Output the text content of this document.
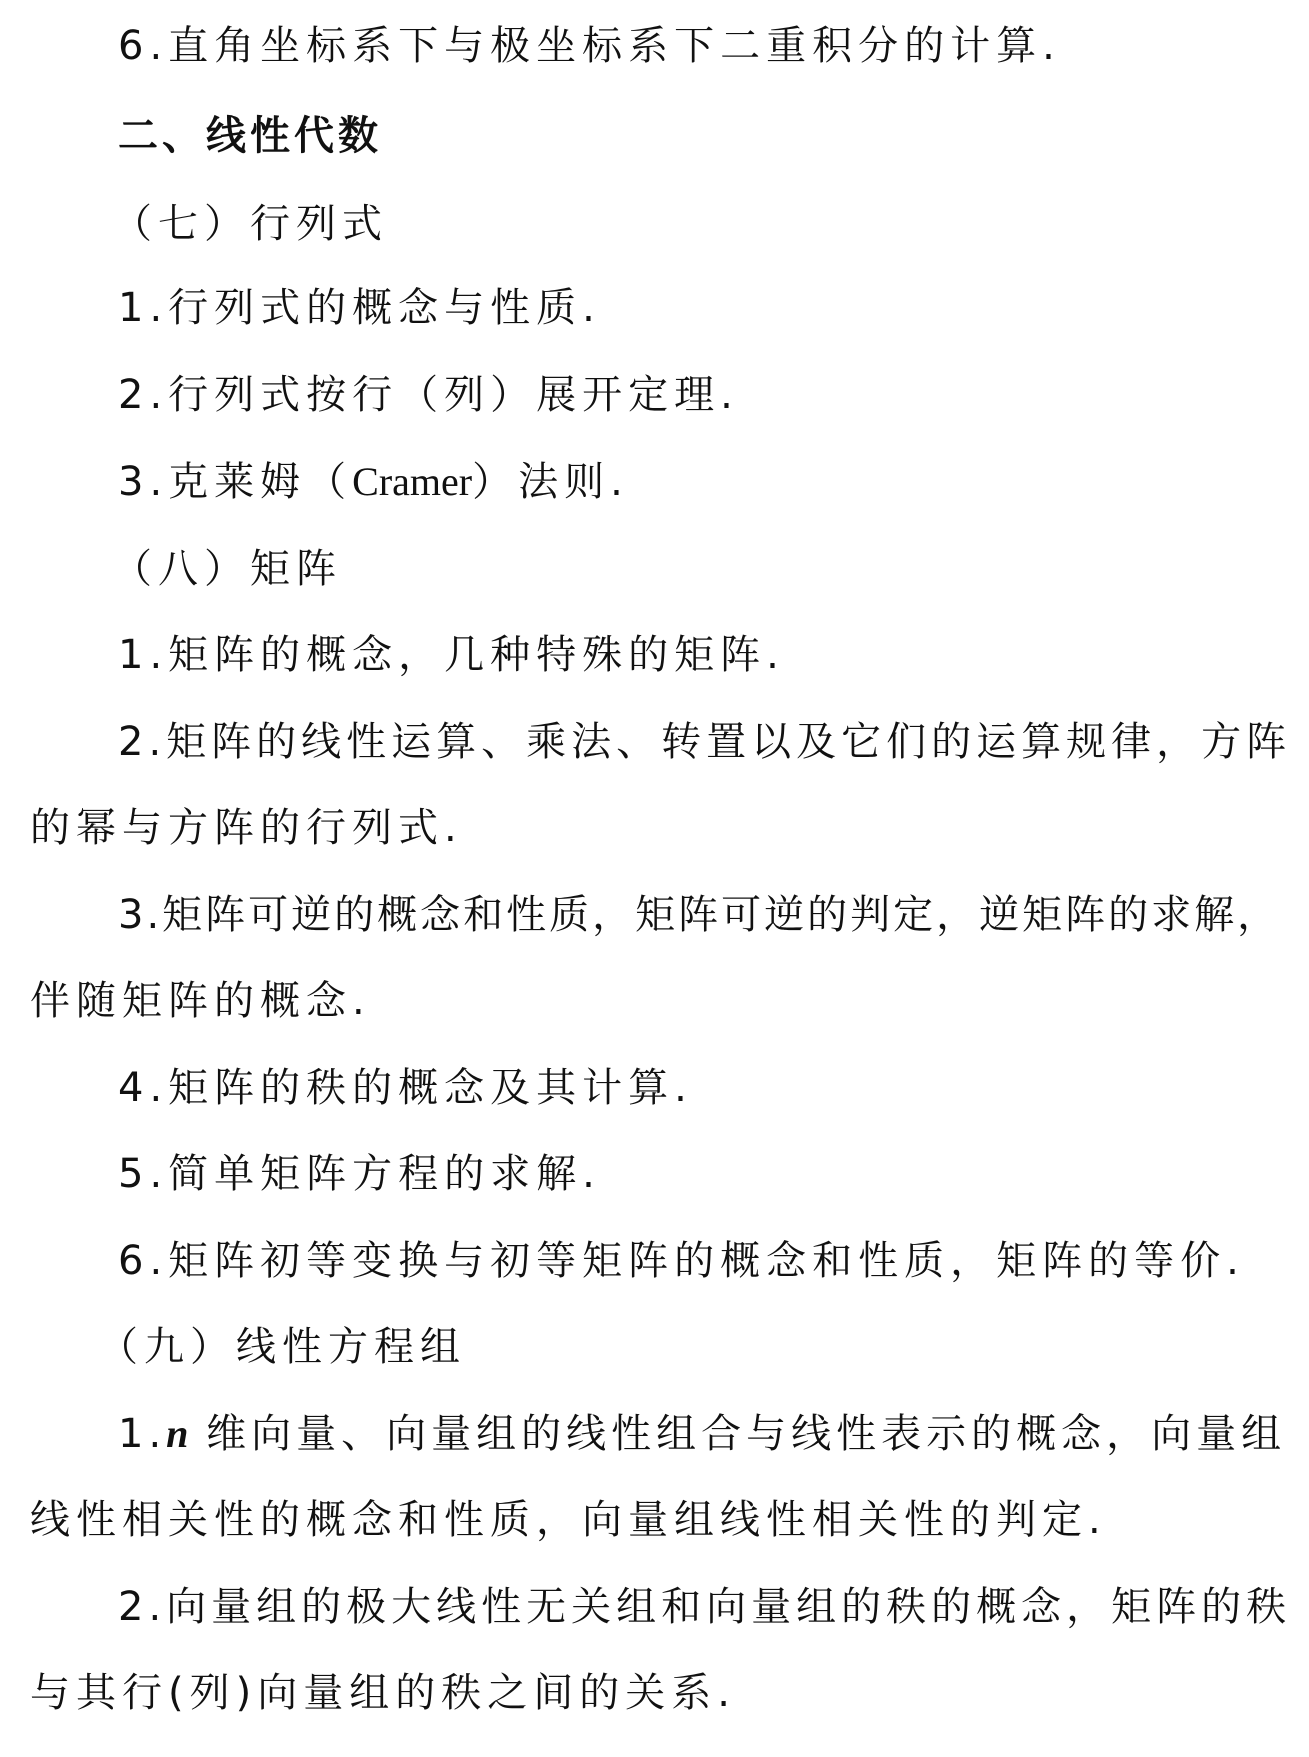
6.直角坐标系下与极坐标系下二重积分的计算.
二、线性代数
（七）行列式
1.行列式的概念与性质.
2.行列式按行（列）展开定理.
3.克莱姆（Cramer）法则.
（八）矩阵
1.矩阵的概念，几种特殊的矩阵.
2.矩阵的线性运算、乘法、转置以及它们的运算规律，方阵
的幂与方阵的行列式.
3.矩阵可逆的概念和性质，矩阵可逆的判定，逆矩阵的求解，
伴随矩阵的概念.
4.矩阵的秩的概念及其计算.
5.简单矩阵方程的求解.
6.矩阵初等变换与初等矩阵的概念和性质，矩阵的等价.
（九）线性方程组
1.n 维向量、向量组的线性组合与线性表示的概念，向量组
线性相关性的概念和性质，向量组线性相关性的判定.
2.向量组的极大线性无关组和向量组的秩的概念，矩阵的秩
与其行(列)向量组的秩之间的关系.
